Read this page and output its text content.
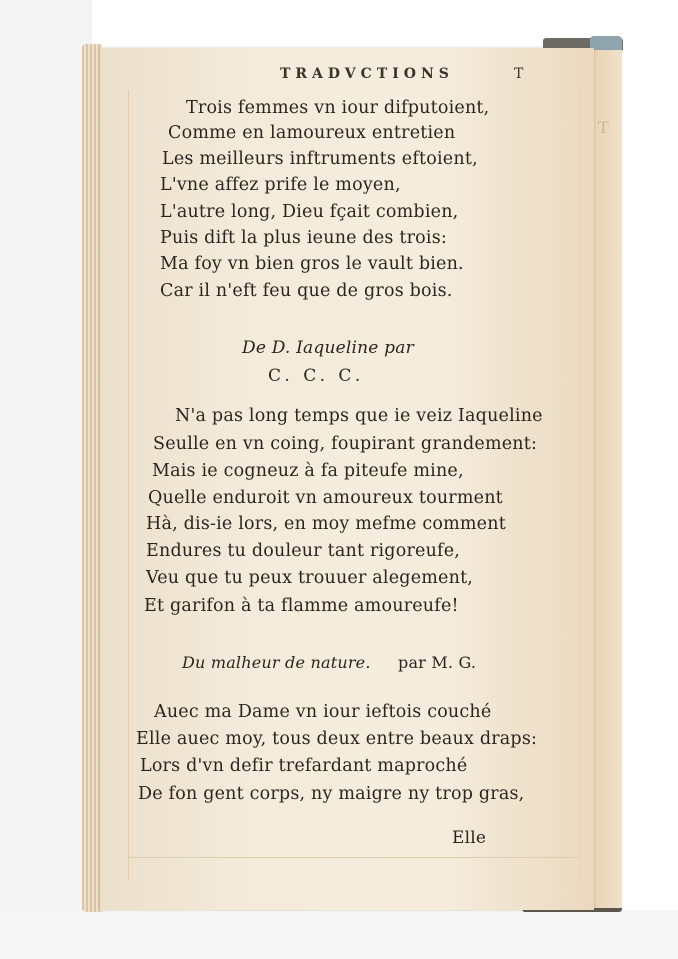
T
TRADVCTIONS	T
Trois femmes vn iour difputoient,
Comme en lamoureux entretien
Les meilleurs inftruments eftoient,
L'vne affez prife le moyen,
L'autre long, Dieu fçait combien,
Puis dift la plus ieune des trois:
Ma foy vn bien gros le vault bien.
Car il n'eft feu que de gros bois.
De D. Iaqueline par
C. C. C.
N'a pas long temps que ie veiz Iaqueline
Seulle en vn coing, foupirant grandement:
Mais ie cogneuz à fa piteufe mine,
Quelle enduroit vn amoureux tourment
Hà, dis-ie lors, en moy mefme comment
Endures tu douleur tant rigoreufe,
Veu que tu peux trouuer alegement,
Et garifon à ta flamme amoureufe!
Du malheur de nature. par M. G.
Auec ma Dame vn iour ieftois couché
Elle auec moy, tous deux entre beaux draps:
Lors d'vn defir trefardant maproché
De fon gent corps, ny maigre ny trop gras,
Elle
